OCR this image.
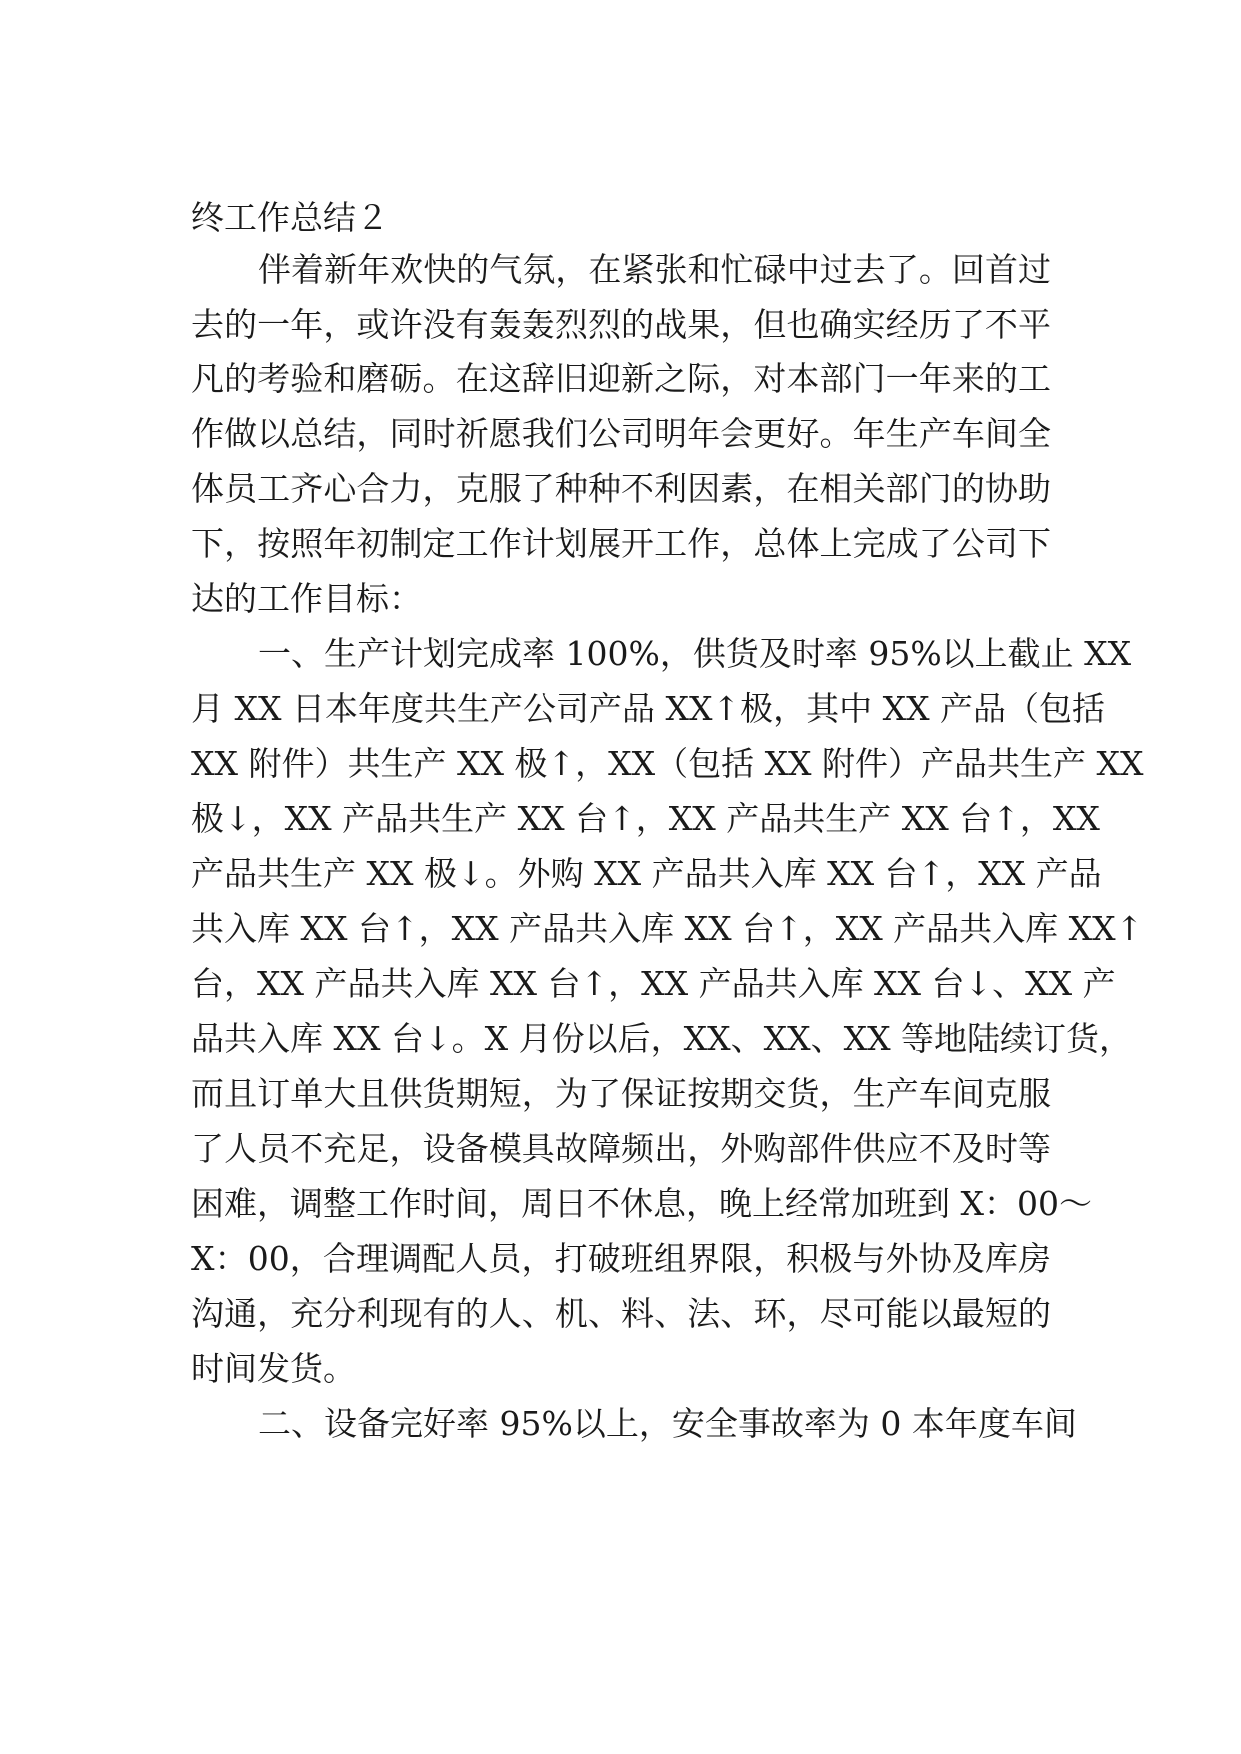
终工作总结２
伴着新年欢快的气氛，在紧张和忙碌中过去了。回首过
去的一年，或许没有轰轰烈烈的战果，但也确实经历了不平
凡的考验和磨砺。在这辞旧迎新之际，对本部门一年来的工
作做以总结，同时祈愿我们公司明年会更好。年生产车间全
体员工齐心合力，克服了种种不利因素，在相关部门的协助
下，按照年初制定工作计划展开工作，总体上完成了公司下
达的工作目标：
一、生产计划完成率 100%，供货及时率 95%以上截止 XX
月 XX 日本年度共生产公司产品 XX↑极，其中 XX 产品（包括
XX 附件）共生产 XX 极↑，XX（包括 XX 附件）产品共生产 XX
极↓，XX 产品共生产 XX 台↑，XX 产品共生产 XX 台↑，XX
产品共生产 XX 极↓。外购 XX 产品共入库 XX 台↑，XX 产品
共入库 XX 台↑，XX 产品共入库 XX 台↑，XX 产品共入库 XX↑
台，XX 产品共入库 XX 台↑，XX 产品共入库 XX 台↓、XX 产
品共入库 XX 台↓。X 月份以后，XX、XX、XX 等地陆续订货，
而且订单大且供货期短，为了保证按期交货，生产车间克服
了人员不充足，设备模具故障频出，外购部件供应不及时等
困难，调整工作时间，周日不休息，晚上经常加班到 X：00～
X：00，合理调配人员，打破班组界限，积极与外协及库房
沟通，充分利现有的人、机、料、法、环，尽可能以最短的
时间发货。
二、设备完好率 95%以上，安全事故率为 0 本年度车间
